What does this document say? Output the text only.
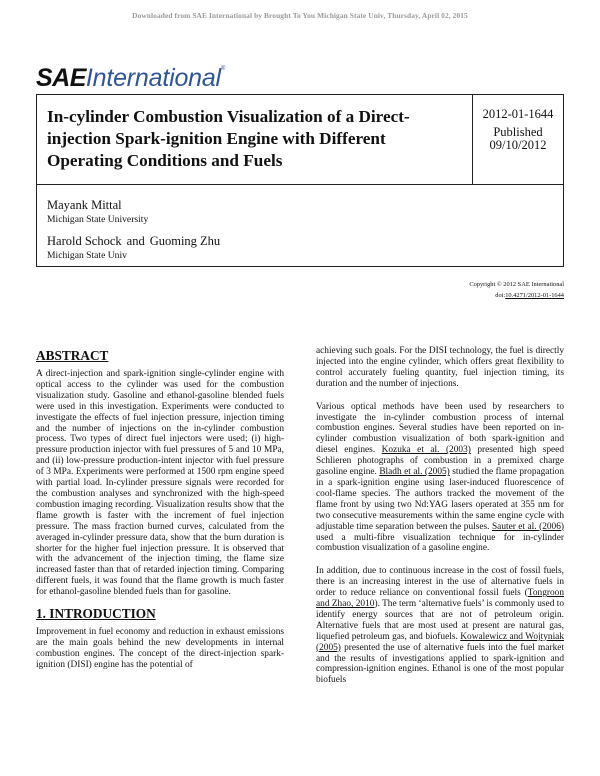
Downloaded from SAE International by Brought To You Michigan State Univ, Thursday, April 02, 2015
SAEInternational®
In-cylinder Combustion Visualization of a Direct-
injection Spark-ignition Engine with Different
Operating Conditions and Fuels
2012-01-1644
Published
09/10/2012
Mayank Mittal
Michigan State University
Harold Schock and Guoming Zhu
Michigan State Univ
Copyright © 2012 SAE International
doi:10.4271/2012-01-1644
ABSTRACT

A direct-injection and spark-ignition single-cylinder engine with optical access to the cylinder was used for the combustion visualization study. Gasoline and ethanol-gasoline blended fuels were used in this investigation. Experiments were conducted to investigate the effects of fuel injection pressure, injection timing and the number of injections on the in-cylinder combustion process. Two types of direct fuel injectors were used; (i) high-pressure production injector with fuel pressures of 5 and 10 MPa, and (ii) low-pressure production-intent injector with fuel pressure of 3 MPa. Experiments were performed at 1500 rpm engine speed with partial load. In-cylinder pressure signals were recorded for the combustion analyses and synchronized with the high-speed combustion imaging recording. Visualization results show that the flame growth is faster with the increment of fuel injection pressure. The mass fraction burned curves, calculated from the averaged in-cylinder pressure data, show that the burn duration is shorter for the higher fuel injection pressure. It is observed that with the advancement of the injection timing, the flame size increased faster than that of retarded injection timing. Comparing different fuels, it was found that the flame growth is much faster for ethanol-gasoline blended fuels than for gasoline.

1. INTRODUCTION

Improvement in fuel economy and reduction in exhaust emissions are the main goals behind the new developments in internal combustion engines. The concept of the direct-injection spark-ignition (DISI) engine has the potential of

achieving such goals. For the DISI technology, the fuel is directly injected into the engine cylinder, which offers great flexibility to control accurately fueling quantity, fuel injection timing, its duration and the number of injections.

Various optical methods have been used by researchers to investigate the in-cylinder combustion process of internal combustion engines. Several studies have been reported on in-cylinder combustion visualization of both spark-ignition and diesel engines. Kozuka et al. (2003) presented high speed Schlieren photographs of combustion in a premixed charge gasoline engine. Bladh et al. (2005) studied the flame propagation in a spark-ignition engine using laser-induced fluorescence of cool-flame species. The authors tracked the movement of the flame front by using two Nd:YAG lasers operated at 355 nm for two consecutive measurements within the same engine cycle with adjustable time separation between the pulses. Sauter et al. (2006) used a multi-fibre visualization technique for in-cylinder combustion visualization of a gasoline engine.

In addition, due to continuous increase in the cost of fossil fuels, there is an increasing interest in the use of alternative fuels in order to reduce reliance on conventional fossil fuels (Tongroon and Zhao, 2010). The term ‘alternative fuels’ is commonly used to identify energy sources that are not of petroleum origin. Alternative fuels that are most used at present are natural gas, liquefied petroleum gas, and biofuels. Kowalewicz and Wojtyniak (2005) presented the use of alternative fuels into the fuel market and the results of investigations applied to spark-ignition and compression-ignition engines. Ethanol is one of the most popular biofuels
